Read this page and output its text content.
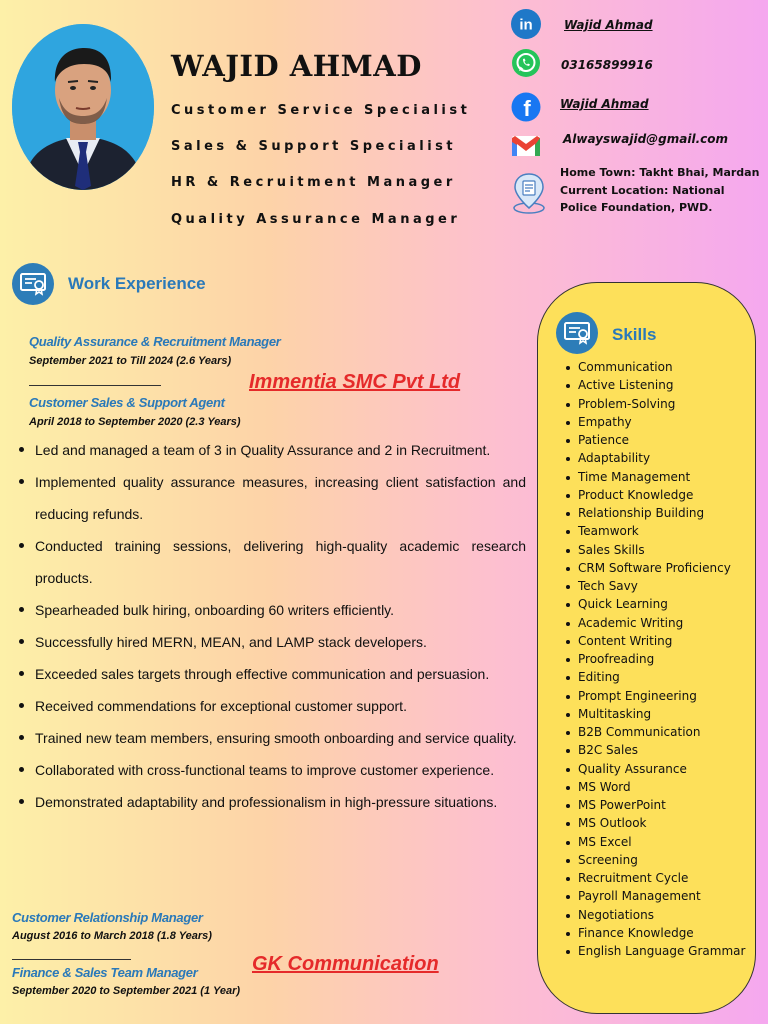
WAJID AHMAD
Customer Service Specialist
Sales & Support Specialist
HR & Recruitment Manager
Quality Assurance Manager
in	Wajid Ahmad
03165899916
f Wajid Ahmad
Alwayswajid@gmail.com
Home Town: Takht Bhai, Mardan
Current Location: National Police Foundation, PWD.
Work Experience
Quality Assurance & Recruitment Manager
September 2021 to Till 2024 (2.6 Years)
Immentia SMC Pvt Ltd
Customer Sales & Support Agent
April 2018 to September 2020 (2.3 Years)
Led and managed a team of 3 in Quality Assurance and 2 in Recruitment.
Implemented quality assurance measures, increasing client satisfaction and reducing refunds.
Conducted training sessions, delivering high-quality academic research products.
Spearheaded bulk hiring, onboarding 60 writers efficiently.
Successfully hired MERN, MEAN, and LAMP stack developers.
Exceeded sales targets through effective communication and persuasion.
Received commendations for exceptional customer support.
Trained new team members, ensuring smooth onboarding and service quality.
Collaborated with cross-functional teams to improve customer experience.
Demonstrated adaptability and professionalism in high-pressure situations.
Customer Relationship Manager
August 2016 to March 2018 (1.8 Years)
GK Communication
Finance & Sales Team Manager
September 2020 to September 2021 (1 Year)
Skills
Communication
Active Listening
Problem-Solving
Empathy
Patience
Adaptability
Time Management
Product Knowledge
Relationship Building
Teamwork
Sales Skills
CRM Software Proficiency
Tech Savy
Quick Learning
Academic Writing
Content Writing
Proofreading
Editing
Prompt Engineering
Multitasking
B2B Communication
B2C Sales
Quality Assurance
MS Word
MS PowerPoint
MS Outlook
MS Excel
Screening
Recruitment Cycle
Payroll Management
Negotiations
Finance Knowledge
English Language Grammar
